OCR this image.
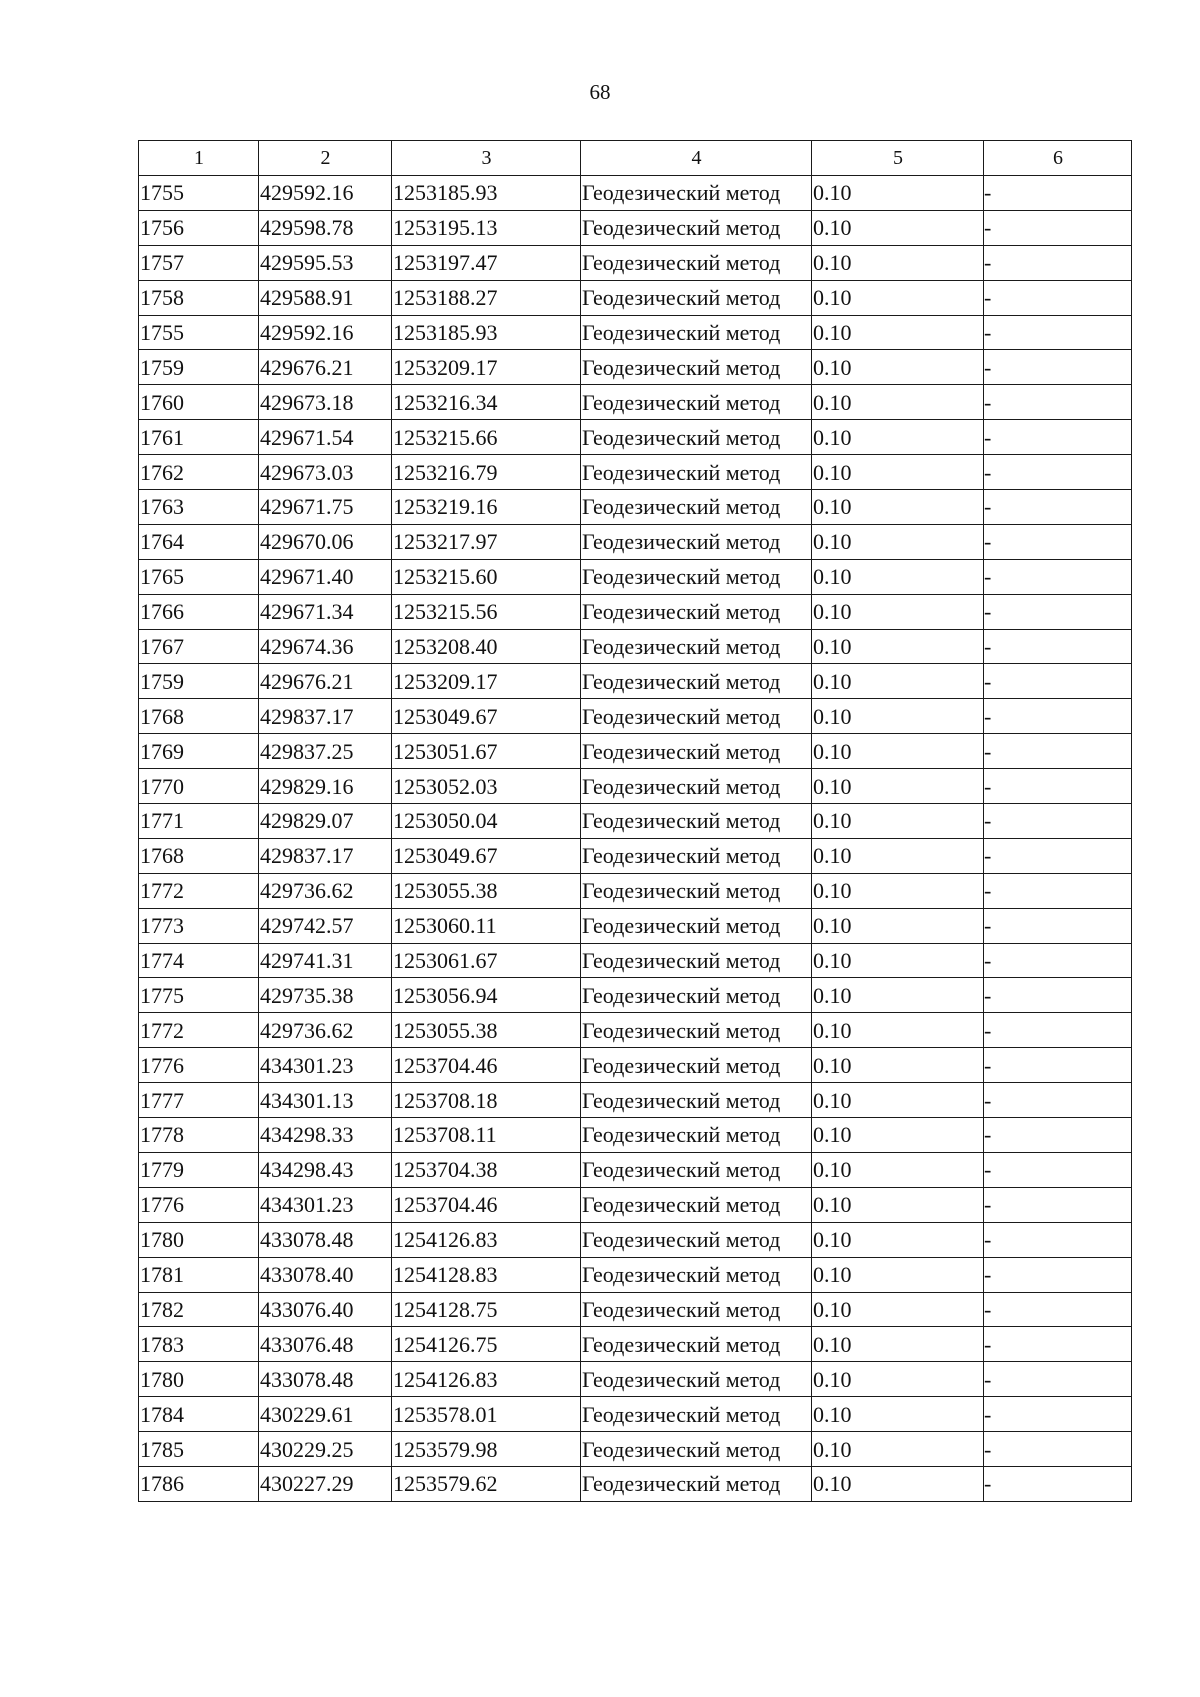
68
1	2	3	4	5	6
1755	429592.16	1253185.93	Геодезический метод	0.10	-
1756	429598.78	1253195.13	Геодезический метод	0.10	-
1757	429595.53	1253197.47	Геодезический метод	0.10	-
1758	429588.91	1253188.27	Геодезический метод	0.10	-
1755	429592.16	1253185.93	Геодезический метод	0.10	-
1759	429676.21	1253209.17	Геодезический метод	0.10	-
1760	429673.18	1253216.34	Геодезический метод	0.10	-
1761	429671.54	1253215.66	Геодезический метод	0.10	-
1762	429673.03	1253216.79	Геодезический метод	0.10	-
1763	429671.75	1253219.16	Геодезический метод	0.10	-
1764	429670.06	1253217.97	Геодезический метод	0.10	-
1765	429671.40	1253215.60	Геодезический метод	0.10	-
1766	429671.34	1253215.56	Геодезический метод	0.10	-
1767	429674.36	1253208.40	Геодезический метод	0.10	-
1759	429676.21	1253209.17	Геодезический метод	0.10	-
1768	429837.17	1253049.67	Геодезический метод	0.10	-
1769	429837.25	1253051.67	Геодезический метод	0.10	-
1770	429829.16	1253052.03	Геодезический метод	0.10	-
1771	429829.07	1253050.04	Геодезический метод	0.10	-
1768	429837.17	1253049.67	Геодезический метод	0.10	-
1772	429736.62	1253055.38	Геодезический метод	0.10	-
1773	429742.57	1253060.11	Геодезический метод	0.10	-
1774	429741.31	1253061.67	Геодезический метод	0.10	-
1775	429735.38	1253056.94	Геодезический метод	0.10	-
1772	429736.62	1253055.38	Геодезический метод	0.10	-
1776	434301.23	1253704.46	Геодезический метод	0.10	-
1777	434301.13	1253708.18	Геодезический метод	0.10	-
1778	434298.33	1253708.11	Геодезический метод	0.10	-
1779	434298.43	1253704.38	Геодезический метод	0.10	-
1776	434301.23	1253704.46	Геодезический метод	0.10	-
1780	433078.48	1254126.83	Геодезический метод	0.10	-
1781	433078.40	1254128.83	Геодезический метод	0.10	-
1782	433076.40	1254128.75	Геодезический метод	0.10	-
1783	433076.48	1254126.75	Геодезический метод	0.10	-
1780	433078.48	1254126.83	Геодезический метод	0.10	-
1784	430229.61	1253578.01	Геодезический метод	0.10	-
1785	430229.25	1253579.98	Геодезический метод	0.10	-
1786	430227.29	1253579.62	Геодезический метод	0.10	-
